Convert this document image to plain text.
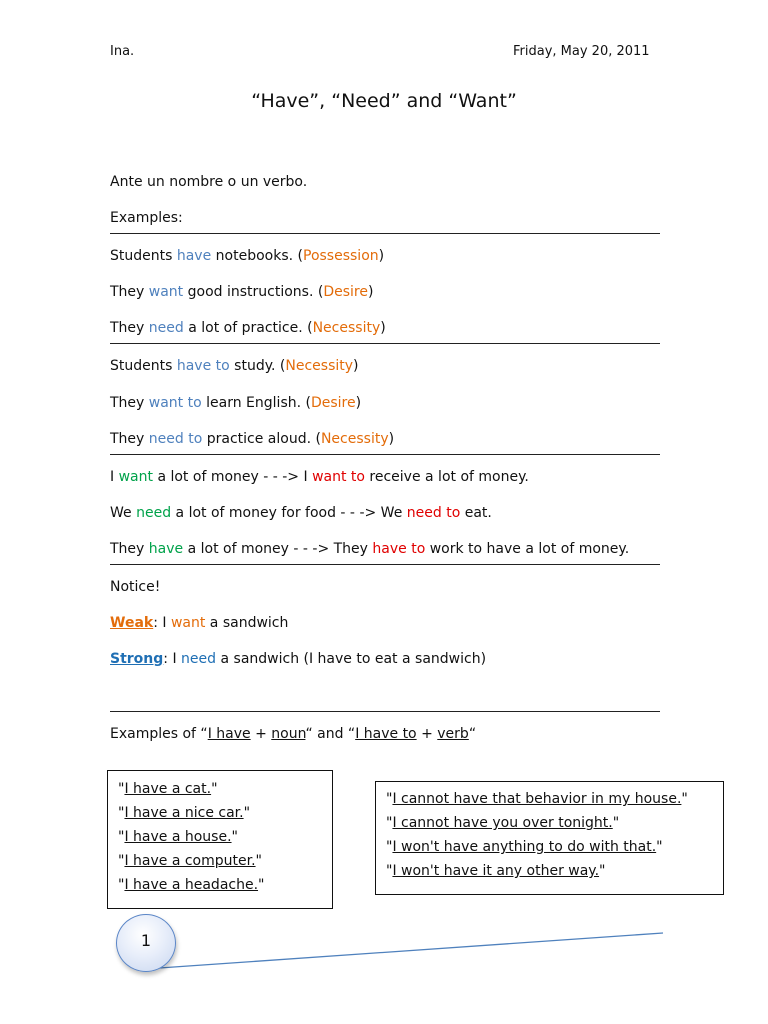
Ina.	Friday, May 20, 2011
“Have”, “Need” and “Want”
Ante un nombre o un verbo.
Examples:
Students have notebooks. (Possession)
They want good instructions. (Desire)
They need a lot of practice. (Necessity)
Students have to study. (Necessity)
They want to learn English. (Desire)
They need to practice aloud. (Necessity)
I want a lot of money - - -> I want to receive a lot of money.
We need a lot of money for food - - -> We need to eat.
They have a lot of money - - -> They have to work to have a lot of money.
Notice!
Weak: I want a sandwich
Strong: I need a sandwich (I have to eat a sandwich)
Examples of “I have + noun“ and “I have to + verb“
"I have a cat."
"I have a nice car."
"I have a house."
"I have a computer."
"I have a headache."
"I cannot have that behavior in my house."
"I cannot have you over tonight."
"I won't have anything to do with that."
"I won't have it any other way."
1
